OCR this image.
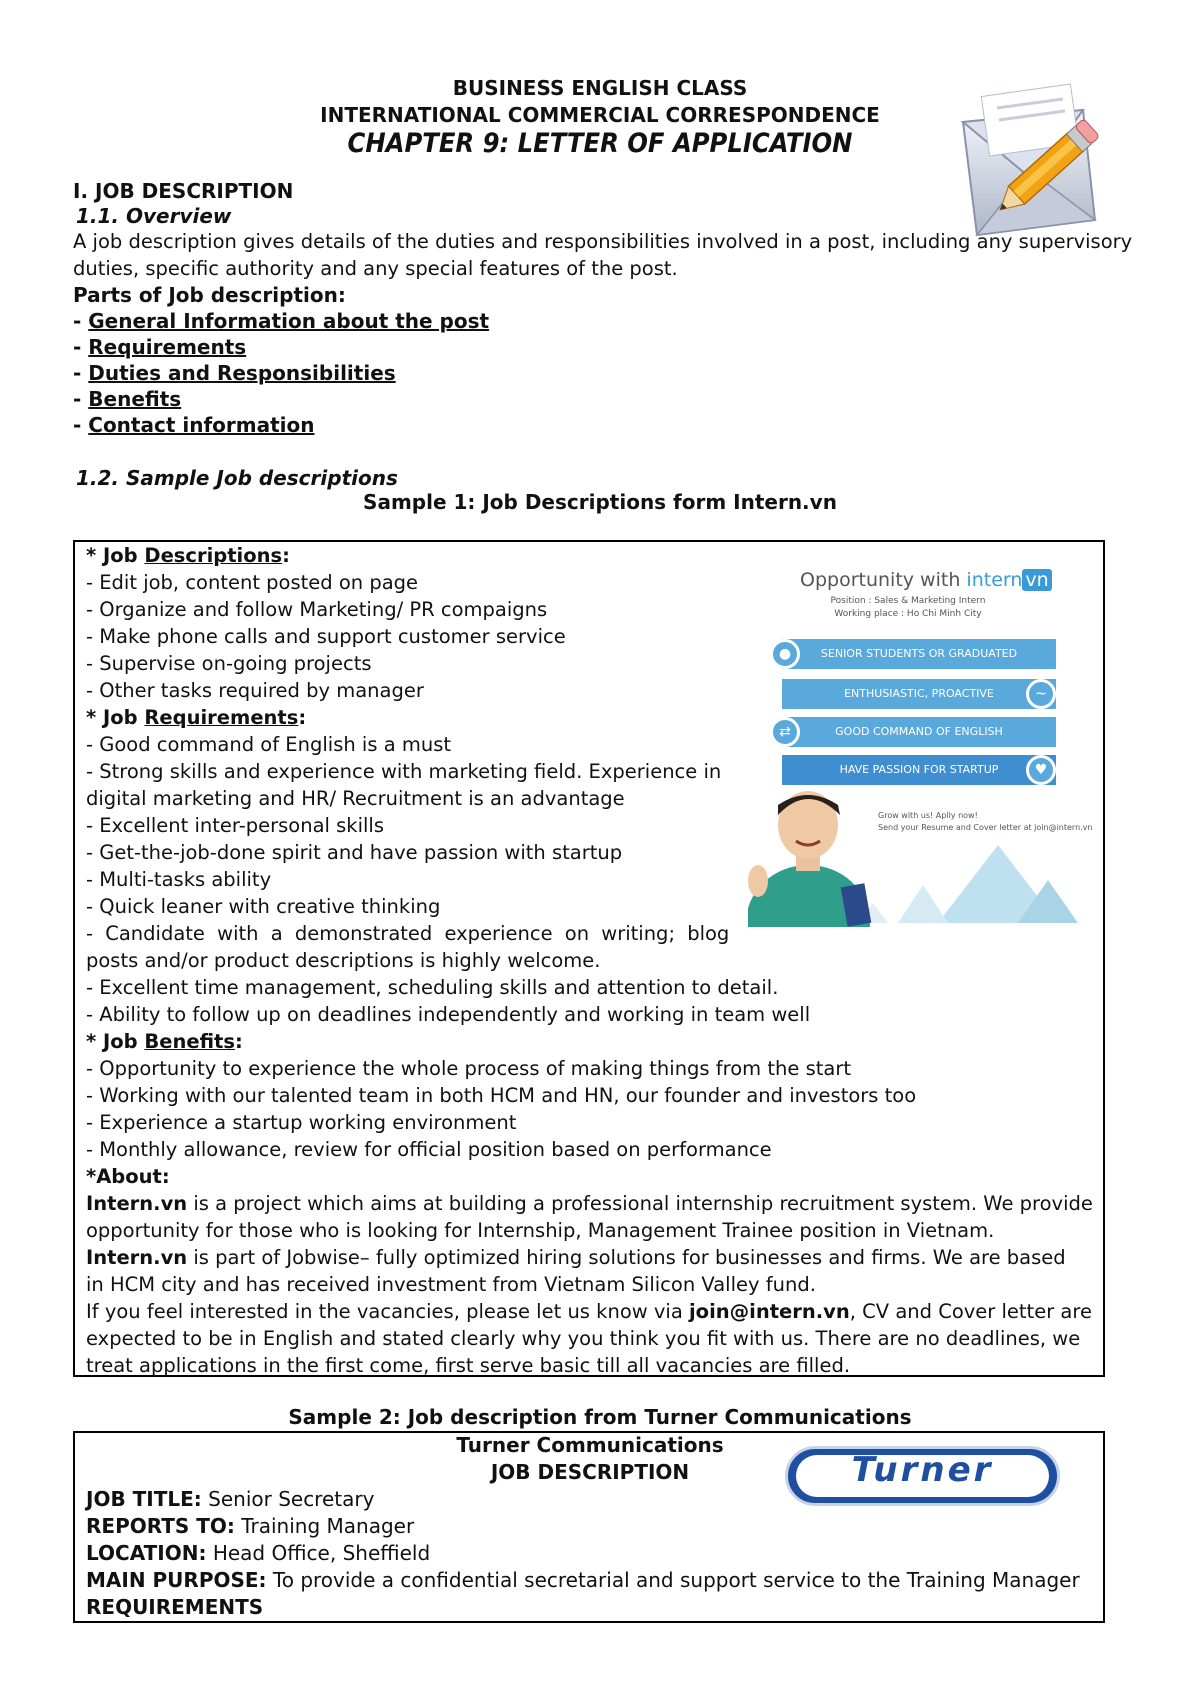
BUSINESS ENGLISH CLASS
INTERNATIONAL COMMERCIAL CORRESPONDENCE
CHAPTER 9: LETTER OF APPLICATION
I. JOB DESCRIPTION
1.1. Overview
A job description gives details of the duties and responsibilities involved in a post, including any supervisory
duties, specific authority and any special features of the post.
Parts of Job description:
- General Information about the post
- Requirements
- Duties and Responsibilities
- Benefits
- Contact information
1.2. Sample Job descriptions
Sample 1: Job Descriptions form Intern.vn
* Job Descriptions:
- Edit job, content posted on page
- Organize and follow Marketing/ PR compaigns
- Make phone calls and support customer service
- Supervise on-going projects
- Other tasks required by manager
* Job Requirements:
- Good command of English is a must
- Strong skills and experience with marketing field. Experience in
digital marketing and HR/ Recruitment is an advantage
- Excellent inter-personal skills
- Get-the-job-done spirit and have passion with startup
- Multi-tasks ability
- Quick leaner with creative thinking
- Candidate with a demonstrated experience on writing; blog
posts and/or product descriptions is highly welcome.
- Excellent time management, scheduling skills and attention to detail.
- Ability to follow up on deadlines independently and working in team well
* Job Benefits:
- Opportunity to experience the whole process of making things from the start
- Working with our talented team in both HCM and HN, our founder and investors too
- Experience a startup working environment
- Monthly allowance, review for official position based on performance
*About:
Intern.vn is a project which aims at building a professional internship recruitment system. We provide
opportunity for those who is looking for Internship, Management Trainee position in Vietnam.
Intern.vn is part of Jobwise– fully optimized hiring solutions for businesses and firms. We are based
in HCM city and has received investment from Vietnam Silicon Valley fund.
If you feel interested in the vacancies, please let us know via join@intern.vn, CV and Cover letter are
expected to be in English and stated clearly why you think you fit with us. There are no deadlines, we
treat applications in the first come, first serve basic till all vacancies are filled.
Opportunity with intern vn
Position : Sales & Marketing Intern
Working place : Ho Chi Minh City
SENIOR STUDENTS OR GRADUATED
●
ENTHUSIASTIC, PROACTIVE	~
GOOD COMMAND OF ENGLISH
⇄
HAVE PASSION FOR STARTUP	♥
Grow with us! Aplly now!
Send your Resume and Cover letter at join@intern.vn
Sample 2: Job description from Turner Communications
Turner Communications
JOB DESCRIPTION	Turner
JOB TITLE: Senior Secretary
REPORTS TO: Training Manager
LOCATION: Head Office, Sheffield
MAIN PURPOSE: To provide a confidential secretarial and support service to the Training Manager
REQUIREMENTS
